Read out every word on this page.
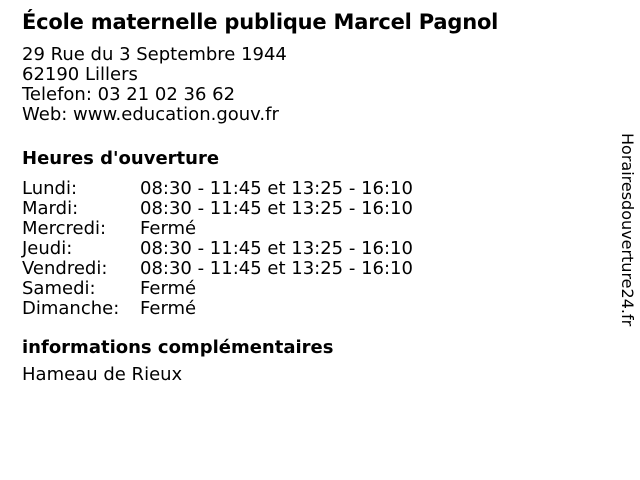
École maternelle publique Marcel Pagnol
29 Rue du 3 Septembre 1944
62190 Lillers
Telefon: 03 21 02 36 62
Web: www.education.gouv.fr
Heures d'ouverture
Lundi:	08:30 - 11:45 et 13:25 - 16:10
Mardi:	08:30 - 11:45 et 13:25 - 16:10
Mercredi:	Fermé
Jeudi:	08:30 - 11:45 et 13:25 - 16:10
Vendredi:	08:30 - 11:45 et 13:25 - 16:10
Samedi:	Fermé
Dimanche:	Fermé
informations complémentaires
Hameau de Rieux
Horairesdouverture24.fr
